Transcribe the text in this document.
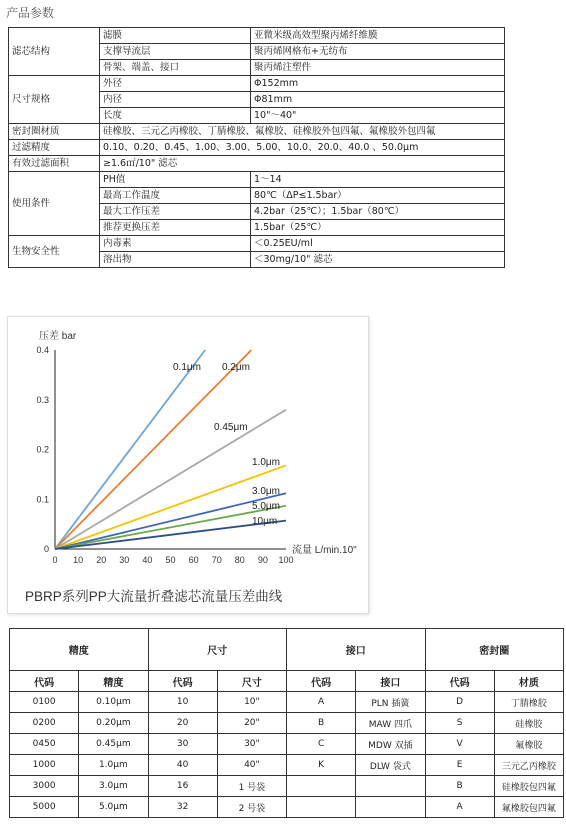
产品参数
滤芯结构	滤膜	亚微米级高效型聚丙烯纤维膜
	支撑导流层	聚丙烯网格布+无纺布
	骨架、端盖、接口	聚丙烯注塑件
尺寸规格	外径	Φ152mm
	内径	Φ81mm
	长度	10"～40"
密封圈材质	硅橡胶、三元乙丙橡胶、丁腈橡胶、氟橡胶、硅橡胶外包四氟、氟橡胶外包四氟	
过滤精度	0.10、0.20、0.45、1.00、3.00、5.00、10.0、20.0、40.0 、50.0μm	
有效过滤面积	≥1.6㎡/10" 滤芯	
使用条件	PH值	1～14
	最高工作温度	80℃（ΔP≤1.5bar）
	最大工作压差	4.2bar（25℃）；1.5bar（80℃）
	推荐更换压差	1.5bar（25℃）
生物安全性	内毒素	＜0.25EU/ml
	溶出物	＜30mg/10" 滤芯
压差 bar
流量 L/min.10"
0 10 20 30 40 50 60 70 80 90 100
0
0.1
0.2
0.3
0.4
0.1μm 0.2μm
0.45μm
1.0μm
3.0μm
5.0μm
10μm
PBRP系列PP大流量折叠滤芯流量压差曲线
精度		尺寸		接口		密封圈	
代码	精度	代码	尺寸	代码	接口	代码	材质
0100	0.10μm	10	10"	A	PLN 插簧	D	丁腈橡胶
0200	0.20μm	20	20"	B	MAW 四爪	S	硅橡胶
0450	0.45μm	30	30"	C	MDW 双插	V	氟橡胶
1000	1.0μm	40	40"	K	DLW 袋式	E	三元乙丙橡胶
3000	3.0μm	16	1 号袋			B	硅橡胶包四氟
5000	5.0μm	32	2 号袋			A	氟橡胶包四氟
